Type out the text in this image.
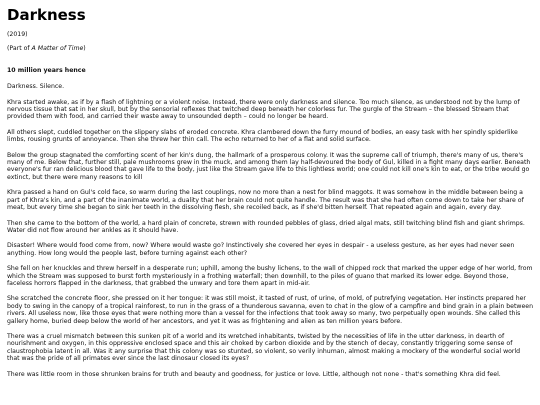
Darkness

(2019)

(Part of A Matter of Time)

10 million years hence

Darkness. Silence.

Khra started awake, as if by a flash of lightning or a violent noise. Instead, there were only darkness and silence. Too much silence, as understood not by the lump of nervous tissue that sat in her skull, but by the sensorial reflexes that twitched deep beneath her colorless fur. The gurgle of the Stream – the blessed Stream that provided them with food, and carried their waste away to unsounded depth – could no longer be heard.

All others slept, cuddled together on the slippery slabs of eroded concrete. Khra clambered down the furry mound of bodies, an easy task with her spindly spiderlike limbs, rousing grunts of annoyance. Then she threw her thin call. The echo returned to her of a flat and solid surface.

Below the group stagnated the comforting scent of her kin's dung, the hallmark of a prosperous colony. It was the supreme call of triumph, there's many of us, there's many of me. Below that, further still, pale mushrooms grew in the muck, and among them lay half-devoured the body of Gul, killed in a fight many days earlier. Beneath everyone's fur ran delicious blood that gave life to the body, just like the Stream gave life to this lightless world; one could not kill one's kin to eat, or the tribe would go extinct, but there were many reasons to kill

Khra passed a hand on Gul's cold face, so warm during the last couplings, now no more than a nest for blind maggots. It was somehow in the middle between being a part of Khra's kin, and a part of the inanimate world, a duality that her brain could not quite handle. The result was that she had often come down to take her share of meat, but every time she began to sink her teeth in the dissolving flesh, she recoiled back, as if she'd bitten herself. That repeated again and again, every day.

Then she came to the bottom of the world, a hard plain of concrete, strewn with rounded pebbles of glass, dried algal mats, still twitching blind fish and giant shrimps. Water did not flow around her ankles as it should have.

Disaster! Where would food come from, now? Where would waste go? Instinctively she covered her eyes in despair - a useless gesture, as her eyes had never seen anything. How long would the people last, before turning against each other?

She fell on her knuckles and threw herself in a desperate run; uphill, among the bushy lichens, to the wall of chipped rock that marked the upper edge of her world, from which the Stream was supposed to burst forth mysteriously in a frothing waterfall; then downhill, to the piles of guano that marked its lower edge. Beyond those, faceless horrors flapped in the darkness, that grabbed the unwary and tore them apart in mid-air.

She scratched the concrete floor, she pressed on it her tongue: it was still moist, it tasted of rust, of urine, of mold, of putrefying vegetation. Her instincts prepared her body to swing in the canopy of a tropical rainforest, to run in the grass of a thunderous savanna, even to chat in the glow of a campfire and bind grain in a plain between rivers. All useless now, like those eyes that were nothing more than a vessel for the infections that took away so many, two perpetually open wounds. She called this gallery home, buried deep below the world of her ancestors, and yet it was as frightening and alien as ten million years before.

There was a cruel mismatch between this sunken pit of a world and its wretched inhabitants, twisted by the necessities of life in the utter darkness, in dearth of nourishment and oxygen, in this oppressive enclosed space and this air choked by carbon dioxide and by the stench of decay, constantly triggering some sense of claustrophobia latent in all. Was it any surprise that this colony was so stunted, so violent, so verily inhuman, almost making a mockery of the wonderful social world that was the pride of all primates ever since the last dinosaur closed its eyes?

There was little room in those shrunken brains for truth and beauty and goodness, for justice or love. Little, although not none - that's something Khra did feel.
